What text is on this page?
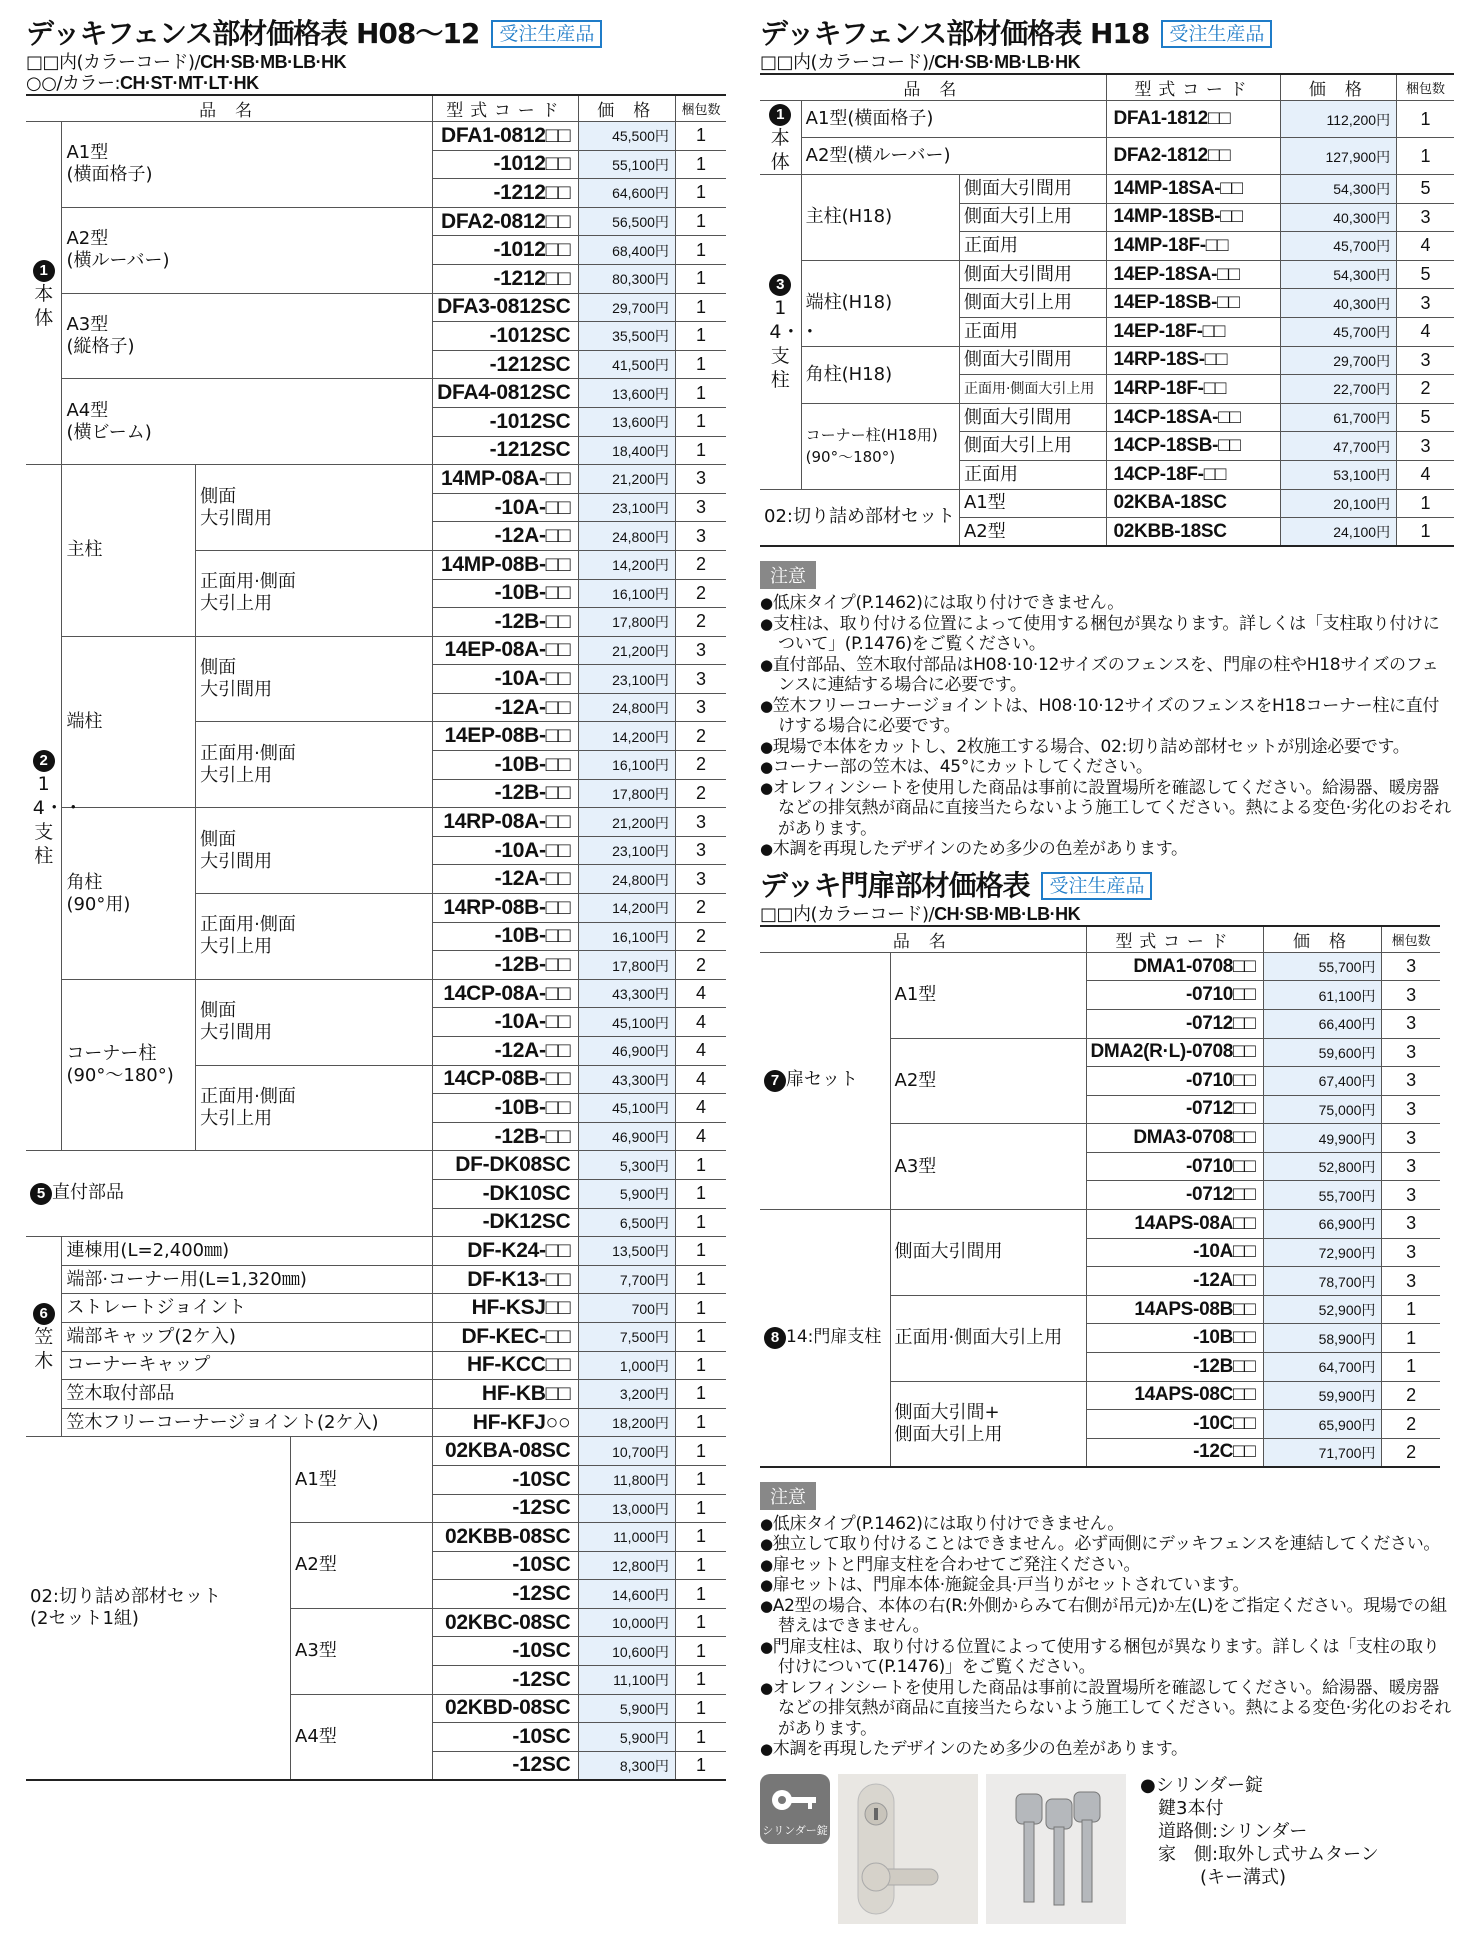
デッキフェンス部材価格表 H08～12	受注生産品
□□内(カラーコード)/CH·SB·MB·LB·HK
○○/カラー:CH·ST·MT·LT·HK
品 名				型式コード	価 格	梱包数
1
本体	A1型
(横面格子)			DFA1-0812□□	45,500円	1
				-1012□□	55,100円	1
				-1212□□	64,600円	1
	A2型
(横ルーバー)			DFA2-0812□□	56,500円	1
				-1012□□	68,400円	1
				-1212□□	80,300円	1
	A3型
(縦格子)			DFA3-0812SC	29,700円	1
				-1012SC	35,500円	1
				-1212SC	41,500円	1
	A4型
(横ビーム)			DFA4-0812SC	13,600円	1
				-1012SC	13,600円	1
				-1212SC	18,400円	1
2
14・・支柱	主柱	側面
大引間用		14MP-08A-□□	21,200円	3
				-10A-□□	23,100円	3
				-12A-□□	24,800円	3
		正面用·側面
大引上用		14MP-08B-□□	14,200円	2
				-10B-□□	16,100円	2
				-12B-□□	17,800円	2
	端柱	側面
大引間用		14EP-08A-□□	21,200円	3
				-10A-□□	23,100円	3
				-12A-□□	24,800円	3
		正面用·側面
大引上用		14EP-08B-□□	14,200円	2
				-10B-□□	16,100円	2
				-12B-□□	17,800円	2
	角柱
(90°用)	側面
大引間用		14RP-08A-□□	21,200円	3
				-10A-□□	23,100円	3
				-12A-□□	24,800円	3
		正面用·側面
大引上用		14RP-08B-□□	14,200円	2
				-10B-□□	16,100円	2
				-12B-□□	17,800円	2
	コーナー柱
(90°～180°)	側面
大引間用		14CP-08A-□□	43,300円	4
				-10A-□□	45,100円	4
				-12A-□□	46,900円	4
		正面用·側面
大引上用		14CP-08B-□□	43,300円	4
				-10B-□□	45,100円	4
				-12B-□□	46,900円	4
5 直付部品				DF-DK08SC	5,300円	1
				-DK10SC	5,900円	1
				-DK12SC	6,500円	1
6
笠木	連棟用(L=2,400㎜)			DF-K24-□□	13,500円	1
	端部·コーナー用(L=1,320㎜)			DF-K13-□□	7,700円	1
	ストレートジョイント			HF-KSJ□□	700円	1
	端部キャップ(2ケ入)			DF-KEC-□□	7,500円	1
	コーナーキャップ			HF-KCC□□	1,000円	1
	笠木取付部品			HF-KB□□	3,200円	1
	笠木フリーコーナージョイント(2ケ入)			HF-KFJ○○	18,200円	1
02:切り詰め部材セット
(2セット1組)			A1型	02KBA-08SC	10,700円	1
				-10SC	11,800円	1
				-12SC	13,000円	1
			A2型	02KBB-08SC	11,000円	1
				-10SC	12,800円	1
				-12SC	14,600円	1
			A3型	02KBC-08SC	10,000円	1
				-10SC	10,600円	1
				-12SC	11,100円	1
			A4型	02KBD-08SC	5,900円	1
				-10SC	5,900円	1
				-12SC	8,300円	1
デッキフェンス部材価格表 H18	受注生産品
□□内(カラーコード)/CH·SB·MB·LB·HK
品 名			型式コード	価 格	梱包数
1
本体	A1型(横面格子)		DFA1-1812□□	112,200円	1
	A2型(横ルーバー)		DFA2-1812□□	127,900円	1
3
14・・支柱	主柱(H18)	側面大引間用	14MP-18SA-□□	54,300円	5
		側面大引上用	14MP-18SB-□□	40,300円	3
		正面用	14MP-18F-□□	45,700円	4
	端柱(H18)	側面大引間用	14EP-18SA-□□	54,300円	5
		側面大引上用	14EP-18SB-□□	40,300円	3
		正面用	14EP-18F-□□	45,700円	4
	角柱(H18)	側面大引間用	14RP-18S-□□	29,700円	3
		正面用·側面大引上用	14RP-18F-□□	22,700円	2
	コーナー柱(H18用)
(90°～180°)	側面大引間用	14CP-18SA-□□	61,700円	5
		側面大引上用	14CP-18SB-□□	47,700円	3
		正面用	14CP-18F-□□	53,100円	4
02:切り詰め部材セット		A1型	02KBA-18SC	20,100円	1
		A2型	02KBB-18SC	24,100円	1
注意
● 低床タイプ(P.1462)には取り付けできません。
● 支柱は、取り付ける位置によって使用する梱包が異なります。詳しくは「支柱取り付けについて」(P.1476)をご覧ください。
● 直付部品、笠木取付部品はH08·10·12サイズのフェンスを、門扉の柱やH18サイズのフェンスに連結する場合に必要です。
● 笠木フリーコーナージョイントは、H08·10·12サイズのフェンスをH18コーナー柱に直付けする場合に必要です。
● 現場で本体をカットし、2枚施工する場合、02:切り詰め部材セットが別途必要です。
● コーナー部の笠木は、45°にカットしてください。
● オレフィンシートを使用した商品は事前に設置場所を確認してください。給湯器、暖房器などの排気熱が商品に直接当たらないよう施工してください。熱による変色·劣化のおそれがあります。
● 木調を再現したデザインのため多少の色差があります。
デッキ門扉部材価格表	受注生産品
□□内(カラーコード)/CH·SB·MB·LB·HK
品 名		型式コード	価 格	梱包数
7 扉セット	A1型	DMA1-0708□□	55,700円	3
		-0710□□	61,100円	3
		-0712□□	66,400円	3
	A2型	DMA2(R·L)-0708□□	59,600円	3
		-0710□□	67,400円	3
		-0712□□	75,000円	3
	A3型	DMA3-0708□□	49,900円	3
		-0710□□	52,800円	3
		-0712□□	55,700円	3
8 14:門扉支柱	側面大引間用	14APS-08A□□	66,900円	3
		-10A□□	72,900円	3
		-12A□□	78,700円	3
	正面用·側面大引上用	14APS-08B□□	52,900円	1
		-10B□□	58,900円	1
		-12B□□	64,700円	1
	側面大引間+
側面大引上用	14APS-08C□□	59,900円	2
		-10C□□	65,900円	2
		-12C□□	71,700円	2
注意
● 低床タイプ(P.1462)には取り付けできません。
● 独立して取り付けることはできません。必ず両側にデッキフェンスを連結してください。
● 扉セットと門扉支柱を合わせてご発注ください。
● 扉セットは、門扉本体·施錠金具·戸当りがセットされています。
● A2型の場合、本体の右(R:外側からみて右側が吊元)か左(L)をご指定ください。現場での組替えはできません。
● 門扉支柱は、取り付ける位置によって使用する梱包が異なります。詳しくは「支柱の取り付けについて(P.1476)」をご覧ください。
● オレフィンシートを使用した商品は事前に設置場所を確認してください。給湯器、暖房器などの排気熱が商品に直接当たらないよう施工してください。熱による変色·劣化のおそれがあります。
● 木調を再現したデザインのため多少の色差があります。
シリンダー錠
●シリンダー錠
鍵3本付
道路側:シリンダー
家　側:取外し式サムターン
(キー溝式)
